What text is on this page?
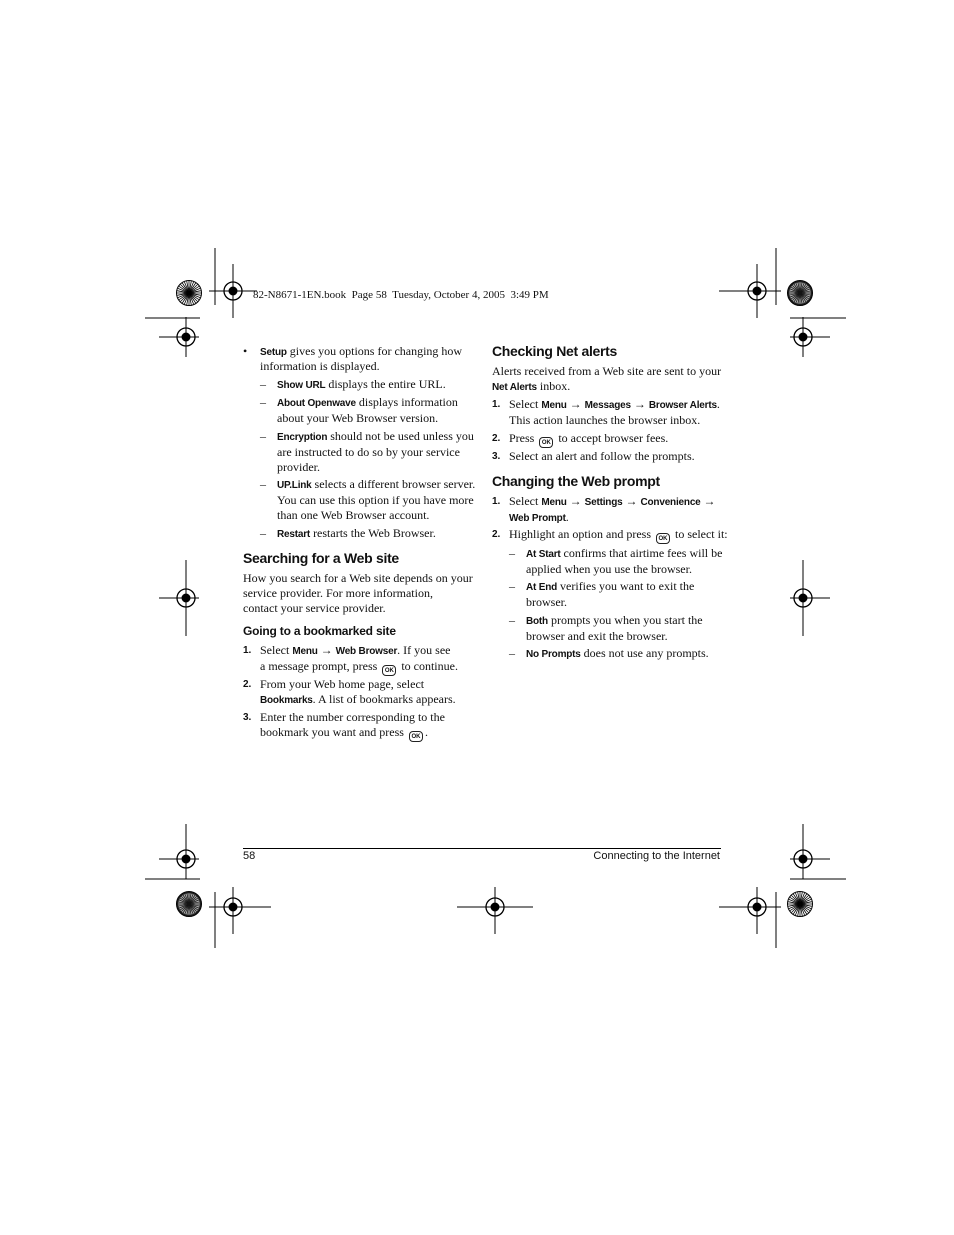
82-N8671-1EN.book  Page 58  Tuesday, October 4, 2005  3:49 PM
• Setup gives you options for changing how
information is displayed.
– Show URL displays the entire URL.
– About Openwave displays information
about your Web Browser version.
– Encryption should not be used unless you
are instructed to do so by your service
provider.
– UP.Link selects a different browser server.
You can use this option if you have more
than one Web Browser account.
– Restart restarts the Web Browser.
Searching for a Web site
How you search for a Web site depends on your
service provider. For more information,
contact your service provider.
Going to a bookmarked site
1. Select Menu → Web Browser. If you see
a message prompt, press OK to continue.
2. From your Web home page, select
Bookmarks. A list of bookmarks appears.
3. Enter the number corresponding to the
bookmark you want and press OK .
Checking Net alerts
Alerts received from a Web site are sent to your
Net Alerts inbox.
1. Select Menu → Messages → Browser Alerts.
This action launches the browser inbox.
2. Press OK to accept browser fees.
3. Select an alert and follow the prompts.
Changing the Web prompt
1. Select Menu → Settings → Convenience →
Web Prompt.
2. Highlight an option and press OK to select it:
– At Start confirms that airtime fees will be
applied when you use the browser.
– At End verifies you want to exit the
browser.
– Both prompts you when you start the
browser and exit the browser.
– No Prompts does not use any prompts.
58	Connecting to the Internet
